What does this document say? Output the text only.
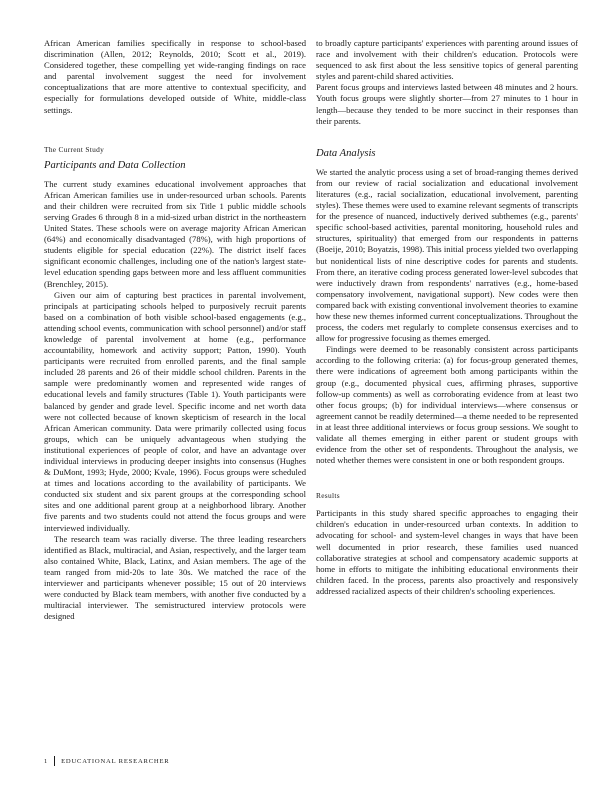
African American families specifically in response to school-based discrimination (Allen, 2012; Reynolds, 2010; Scott et al., 2019). Considered together, these compelling yet wide-ranging findings on race and parental involvement suggest the need for involvement conceptualizations that are more attentive to contextual specificity, and especially for formulations developed outside of White, middle-class settings.

The Current Study
Participants and Data Collection

The current study examines educational involvement approaches that African American families use in under-resourced urban schools. Parents and their children were recruited from six Title 1 public middle schools serving Grades 6 through 8 in a mid-sized urban district in the northeastern United States. These schools were on average majority African American (64%) and economically disadvantaged (78%), with high proportions of students eligible for special education (22%). The district itself faces significant economic challenges, including one of the nation's largest state-level education spending gaps between more and less affluent communities (Brenchley, 2015).

Given our aim of capturing best practices in parental involvement, principals at participating schools helped to purposively recruit parents based on a combination of both visible school-based engagements (e.g., attending school events, communication with school personnel) and/or staff knowledge of parental involvement at home (e.g., performance accountability, homework and activity support; Patton, 1990). Youth participants were recruited from enrolled parents, and the final sample included 28 parents and 26 of their middle school children. Parents in the sample were predominantly women and represented wide ranges of educational levels and family structures (Table 1). Youth participants were balanced by gender and grade level. Specific income and net worth data were not collected because of known skepticism of research in the local African American community. Data were primarily collected using focus groups, which can be uniquely advantageous when studying the institutional experiences of people of color, and have an advantage over individual interviews in producing deeper insights into consensus (Hughes & DuMont, 1993; Hyde, 2000; Kvale, 1996). Focus groups were scheduled at times and locations according to the availability of participants. We conducted six student and six parent groups at the corresponding school sites and one additional parent group at a neighborhood library. Another five parents and two students could not attend the focus groups and were interviewed individually.

The research team was racially diverse. The three leading researchers identified as Black, multiracial, and Asian, respectively, and the larger team also contained White, Black, Latinx, and Asian members. The age of the team ranged from mid-20s to late 30s. We matched the race of the interviewer and participants whenever possible; 15 out of 20 interviews were conducted by Black team members, with another five conducted by a multiracial interviewer. The semistructured interview protocols were designed

to broadly capture participants' experiences with parenting around issues of race and involvement with their children's education. Protocols were sequenced to ask first about the less sensitive topics of general parenting styles and parent-child shared activities.

Parent focus groups and interviews lasted between 48 minutes and 2 hours. Youth focus groups were slightly shorter—from 27 minutes to 1 hour in length—because they tended to be more succinct in their responses than their parents.

Data Analysis

We started the analytic process using a set of broad-ranging themes derived from our review of racial socialization and educational involvement literatures (e.g., racial socialization, educational involvement, parenting styles). These themes were used to examine relevant segments of transcripts for the presence of nuanced, inductively derived subthemes (e.g., parents' specific school-based activities, parental monitoring, household rules and structures, spirituality) that emerged from our respondents in patterns (Boeije, 2010; Boyatzis, 1998). This initial process yielded two overlapping but nonidentical lists of nine descriptive codes for parents and students. From there, an iterative coding process generated lower-level subcodes that were inductively drawn from respondents' narratives (e.g., home-based compensatory involvement, navigational support). New codes were then compared back with existing conventional involvement theories to examine how these new themes informed current conceptualizations. Throughout the process, the coders met regularly to complete consensus exercises and to allow for progressive focusing as themes emerged.

Findings were deemed to be reasonably consistent across participants according to the following criteria: (a) for focus-group generated themes, there were indications of agreement both among participants within the group (e.g., documented physical cues, affirming phrases, supportive follow-up comments) as well as corroborating evidence from at least two other focus groups; (b) for individual interviews—where consensus or agreement cannot be readily determined—a theme needed to be represented in at least three additional interviews or focus group sessions. We sought to validate all themes emerging in either parent or student groups with evidence from the other set of respondents. Throughout the analysis, we noted whether themes were consistent in one or both respondent groups.

Results

Participants in this study shared specific approaches to engaging their children's education in under-resourced urban contexts. In addition to advocating for school- and system-level changes in ways that have been well documented in prior research, these families used nuanced collaborative strategies at school and compensatory academic supports at home in efforts to mitigate the inhibiting educational environments their children faced. In the process, parents also proactively and responsively addressed racialized aspects of their children's schooling experiences.

1 EDUCATIONAL RESEARCHER
